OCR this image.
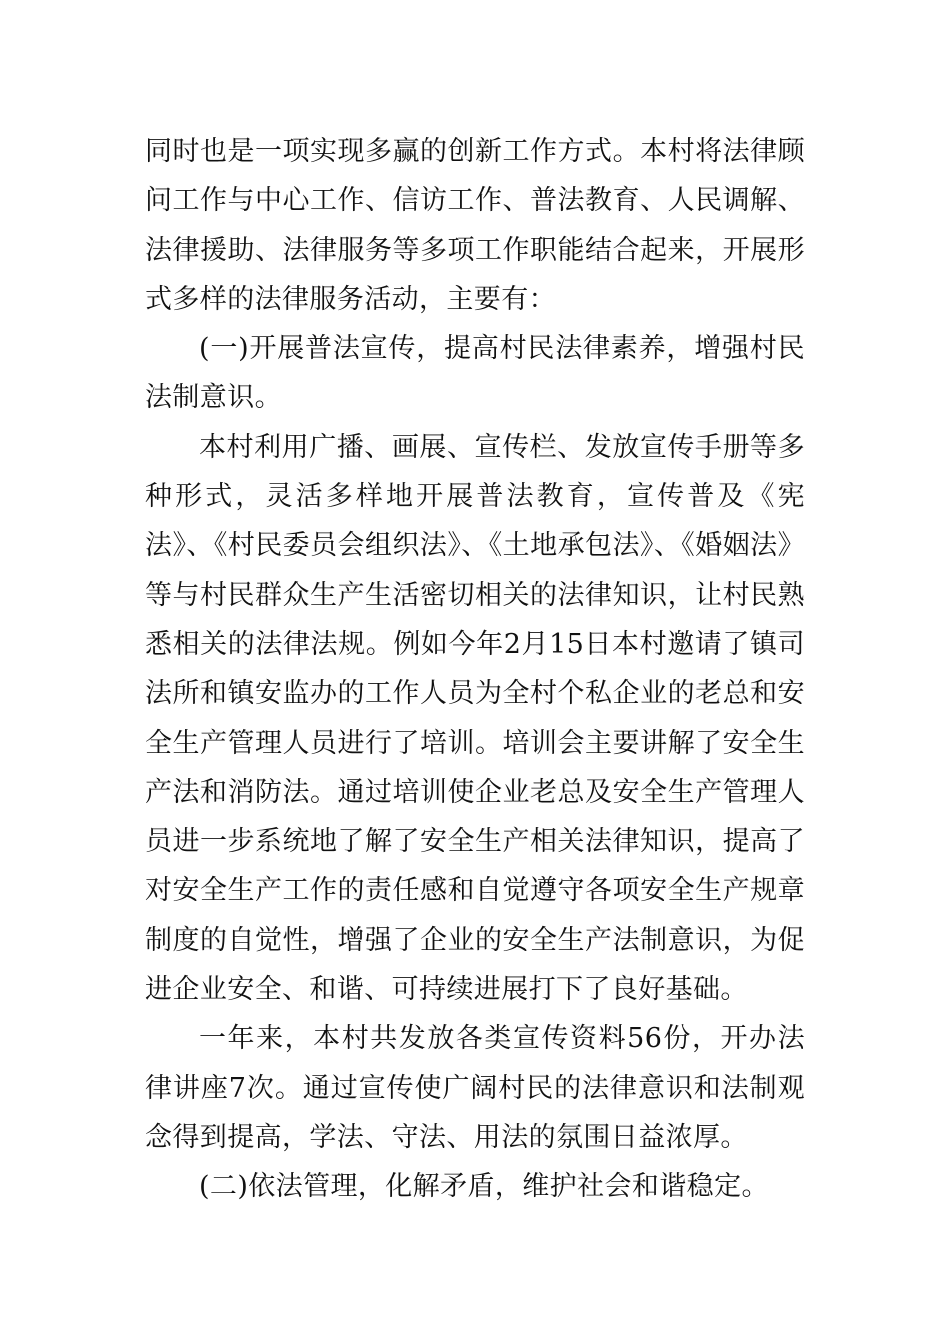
同时也是一项实现多赢的创新工作方式。本村将法律顾问工作与中心工作、信访工作、普法教育、人民调解、法律援助、法律服务等多项工作职能结合起来，开展形式多样的法律服务活动，主要有：

(一)开展普法宣传，提高村民法律素养，增强村民法制意识。

本村利用广播、画展、宣传栏、发放宣传手册等多种形式，灵活多样地开展普法教育，宣传普及《宪法》、《村民委员会组织法》、《土地承包法》、《婚姻法》等与村民群众生产生活密切相关的法律知识，让村民熟悉相关的法律法规。例如今年2月15日本村邀请了镇司法所和镇安监办的工作人员为全村个私企业的老总和安全生产管理人员进行了培训。培训会主要讲解了安全生产法和消防法。通过培训使企业老总及安全生产管理人员进一步系统地了解了安全生产相关法律知识，提高了对安全生产工作的责任感和自觉遵守各项安全生产规章制度的自觉性，增强了企业的安全生产法制意识，为促进企业安全、和谐、可持续进展打下了良好基础。

一年来，本村共发放各类宣传资料56份，开办法律讲座7次。通过宣传使广阔村民的法律意识和法制观念得到提高，学法、守法、用法的氛围日益浓厚。

(二)依法管理，化解矛盾，维护社会和谐稳定。
